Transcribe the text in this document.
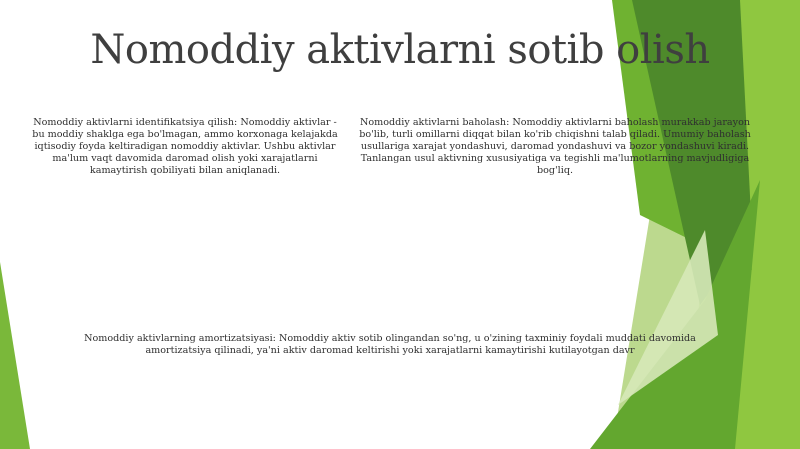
Nomoddiy aktivlarni sotib olish

Nomoddiy aktivlarni identifikatsiya qilish: Nomoddiy aktivlar - bu moddiy shaklga ega bo'lmagan, ammo korxonaga kelajakda iqtisodiy foyda keltiradigan nomoddiy aktivlar. Ushbu aktivlar ma'lum vaqt davomida daromad olish yoki xarajatlarni kamaytirish qobiliyati bilan aniqlanadi.

Nomoddiy aktivlarni baholash: Nomoddiy aktivlarni baholash murakkab jarayon bo'lib, turli omillarni diqqat bilan ko'rib chiqishni talab qiladi. Umumiy baholash usullariga xarajat yondashuvi, daromad yondashuvi va bozor yondashuvi kiradi. Tanlangan usul aktivning xususiyatiga va tegishli ma'lumotlarning mavjudligiga bog'liq.

Nomoddiy aktivlarning amortizatsiyasi: Nomoddiy aktiv sotib olingandan so'ng, u o'zining taxminiy foydali muddati davomida amortizatsiya qilinadi, ya'ni aktiv daromad keltirishi yoki xarajatlarni kamaytirishi kutilayotgan davr
